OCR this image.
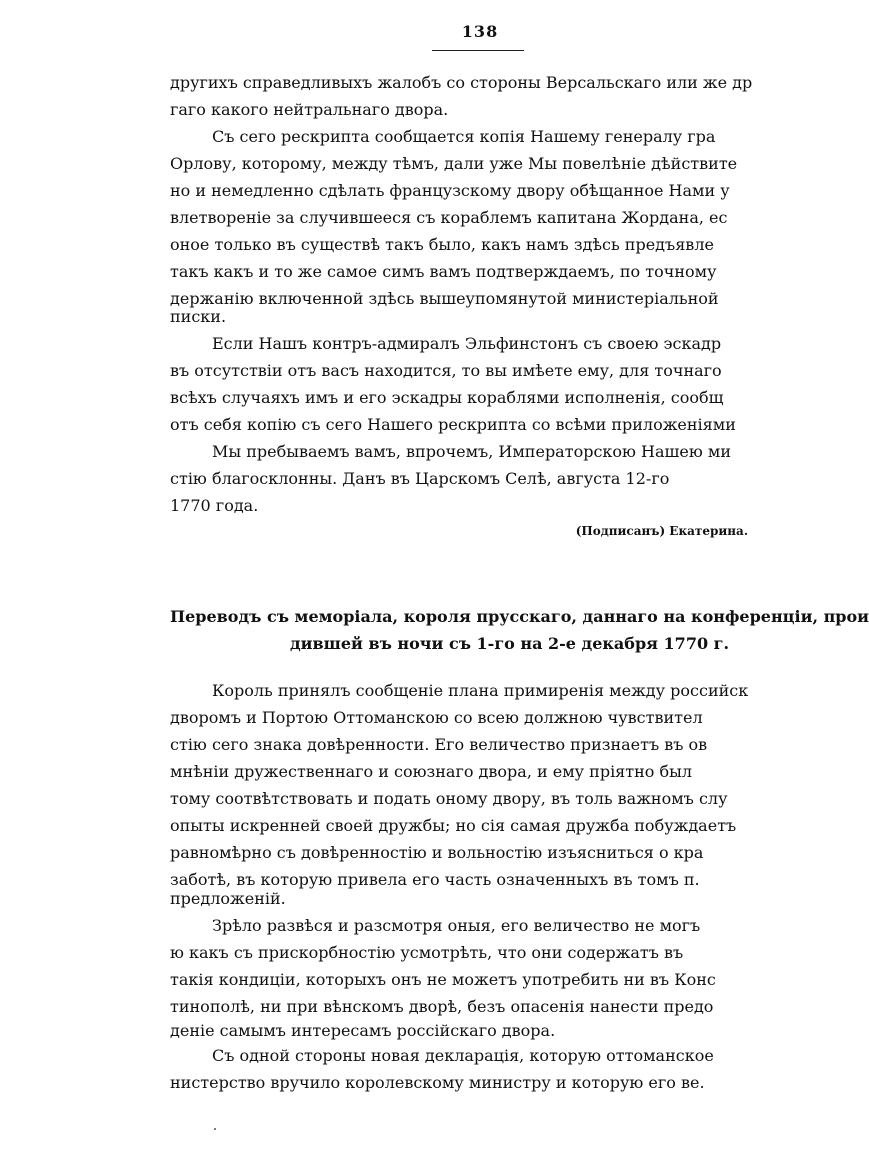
138
другихъ справедливыхъ жалобъ со стороны Версальскаго или же др
гаго какого нейтральнаго двора.
Съ сего рескрипта сообщается копія Нашему генералу гра
Орлову, которому, между тѣмъ, дали уже Мы повелѣніе дѣйствите
но и немедленно сдѣлать французскому двору обѣщанное Нами у
влетвореніе за случившееся съ кораблемъ капитана Жордана, ес
оное только въ существѣ такъ было, какъ намъ здѣсь предъявле
такъ какъ и то же самое симъ вамъ подтверждаемъ, по точному
держанію включенной здѣсь вышеупомянутой министеріальной
писки.
Если Нашъ контръ-адмиралъ Эльфинстонъ съ своею эскадр
въ отсутствіи отъ васъ находится, то вы имѣете ему, для точнаго
всѣхъ случаяхъ имъ и его эскадры кораблями исполненія, сообщ
отъ себя копію съ сего Нашего рескрипта со всѣми приложеніями
Мы пребываемъ вамъ, впрочемъ, Императорскою Нашею ми
стію благосклонны. Данъ въ Царскомъ Селѣ, августа 12-го
1770 года.
(Подписанъ) Екатерина.
Переводъ съ меморіала, короля прусскаго, даннаго на конференціи, прои
дившей въ ночи съ 1-го на 2-е декабря 1770 г.
Король принялъ сообщеніе плана примиренія между российск
дворомъ и Портою Оттоманскою со всею должною чувствител
стію сего знака довѣренности. Его величество признаетъ въ ов
мнѣніи дружественнаго и союзнаго двора, и ему пріятно был
тому соотвѣтствовать и подать оному двору, въ толь важномъ слу
опыты искренней своей дружбы; но сія самая дружба побуждаетъ
равномѣрно съ довѣренностію и вольностію изъясниться о кра
заботѣ, въ которую привела его часть означенныхъ въ томъ п.
предложеній.
Зрѣло развѣся и разсмотря оныя, его величество не могъ
ю какъ съ прискорбностію усмотрѣть, что они содержатъ въ
такія кондиціи, которыхъ онъ не можетъ употребить ни въ Конс
тинополѣ, ни при вѣнскомъ дворѣ, безъ опасенія нанести предо
деніе самымъ интересамъ россійскаго двора.
Съ одной стороны новая декларація, которую оттоманское
нистерство вручило королевскому министру и которую его ве.
